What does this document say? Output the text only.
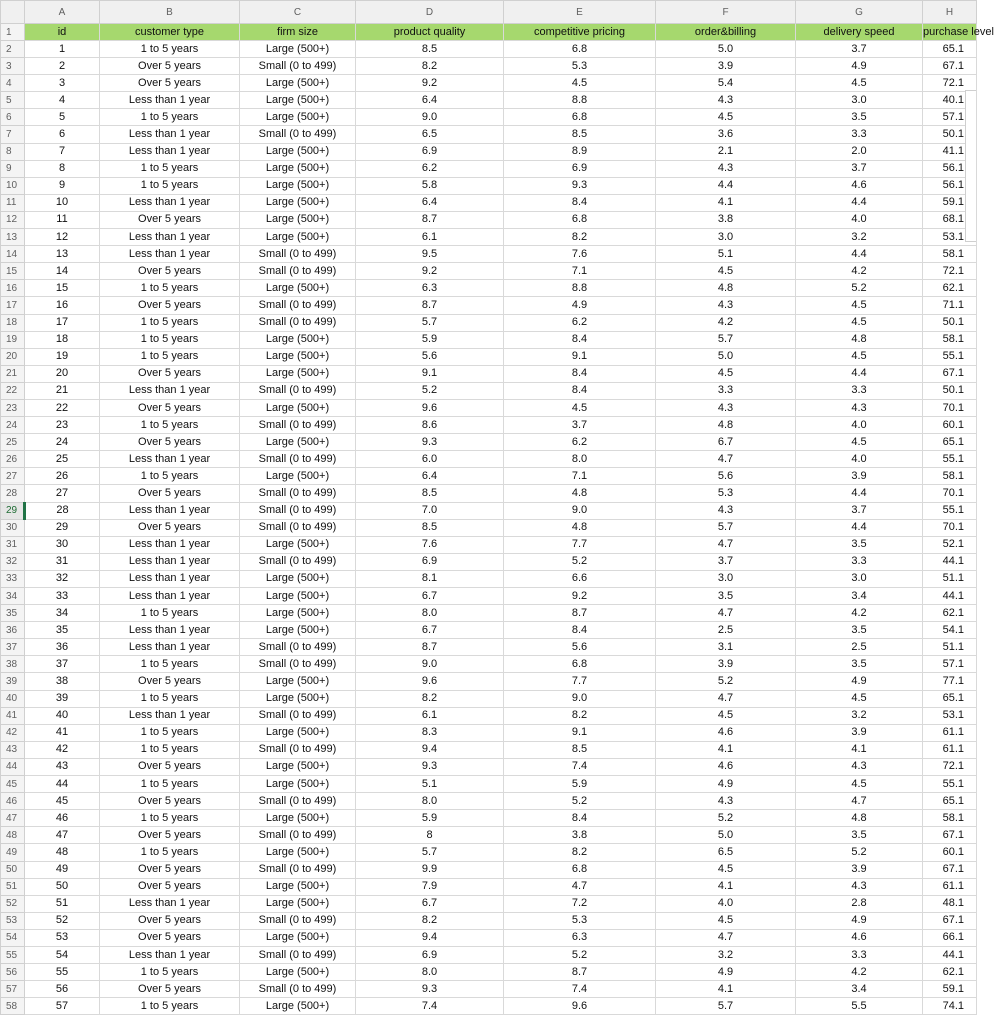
	A	B	C	D	E	F	G	H
1	id	customer type	firm size	product quality	competitive pricing	order&billing	delivery speed	purchase level
2	1	1 to 5 years	Large (500+)	8.5	6.8	5.0	3.7	65.1
3	2	Over 5 years	Small (0 to 499)	8.2	5.3	3.9	4.9	67.1
4	3	Over 5 years	Large (500+)	9.2	4.5	5.4	4.5	72.1
5	4	Less than 1 year	Large (500+)	6.4	8.8	4.3	3.0	40.1
6	5	1 to 5 years	Large (500+)	9.0	6.8	4.5	3.5	57.1
7	6	Less than 1 year	Small (0 to 499)	6.5	8.5	3.6	3.3	50.1
8	7	Less than 1 year	Large (500+)	6.9	8.9	2.1	2.0	41.1
9	8	1 to 5 years	Large (500+)	6.2	6.9	4.3	3.7	56.1
10	9	1 to 5 years	Large (500+)	5.8	9.3	4.4	4.6	56.1
11	10	Less than 1 year	Large (500+)	6.4	8.4	4.1	4.4	59.1
12	11	Over 5 years	Large (500+)	8.7	6.8	3.8	4.0	68.1
13	12	Less than 1 year	Large (500+)	6.1	8.2	3.0	3.2	53.1
14	13	Less than 1 year	Small (0 to 499)	9.5	7.6	5.1	4.4	58.1
15	14	Over 5 years	Small (0 to 499)	9.2	7.1	4.5	4.2	72.1
16	15	1 to 5 years	Large (500+)	6.3	8.8	4.8	5.2	62.1
17	16	Over 5 years	Small (0 to 499)	8.7	4.9	4.3	4.5	71.1
18	17	1 to 5 years	Small (0 to 499)	5.7	6.2	4.2	4.5	50.1
19	18	1 to 5 years	Large (500+)	5.9	8.4	5.7	4.8	58.1
20	19	1 to 5 years	Large (500+)	5.6	9.1	5.0	4.5	55.1
21	20	Over 5 years	Large (500+)	9.1	8.4	4.5	4.4	67.1
22	21	Less than 1 year	Small (0 to 499)	5.2	8.4	3.3	3.3	50.1
23	22	Over 5 years	Large (500+)	9.6	4.5	4.3	4.3	70.1
24	23	1 to 5 years	Small (0 to 499)	8.6	3.7	4.8	4.0	60.1
25	24	Over 5 years	Large (500+)	9.3	6.2	6.7	4.5	65.1
26	25	Less than 1 year	Small (0 to 499)	6.0	8.0	4.7	4.0	55.1
27	26	1 to 5 years	Large (500+)	6.4	7.1	5.6	3.9	58.1
28	27	Over 5 years	Small (0 to 499)	8.5	4.8	5.3	4.4	70.1
29	28	Less than 1 year	Small (0 to 499)	7.0	9.0	4.3	3.7	55.1
30	29	Over 5 years	Small (0 to 499)	8.5	4.8	5.7	4.4	70.1
31	30	Less than 1 year	Large (500+)	7.6	7.7	4.7	3.5	52.1
32	31	Less than 1 year	Small (0 to 499)	6.9	5.2	3.7	3.3	44.1
33	32	Less than 1 year	Large (500+)	8.1	6.6	3.0	3.0	51.1
34	33	Less than 1 year	Large (500+)	6.7	9.2	3.5	3.4	44.1
35	34	1 to 5 years	Large (500+)	8.0	8.7	4.7	4.2	62.1
36	35	Less than 1 year	Large (500+)	6.7	8.4	2.5	3.5	54.1
37	36	Less than 1 year	Small (0 to 499)	8.7	5.6	3.1	2.5	51.1
38	37	1 to 5 years	Small (0 to 499)	9.0	6.8	3.9	3.5	57.1
39	38	Over 5 years	Large (500+)	9.6	7.7	5.2	4.9	77.1
40	39	1 to 5 years	Large (500+)	8.2	9.0	4.7	4.5	65.1
41	40	Less than 1 year	Small (0 to 499)	6.1	8.2	4.5	3.2	53.1
42	41	1 to 5 years	Large (500+)	8.3	9.1	4.6	3.9	61.1
43	42	1 to 5 years	Small (0 to 499)	9.4	8.5	4.1	4.1	61.1
44	43	Over 5 years	Large (500+)	9.3	7.4	4.6	4.3	72.1
45	44	1 to 5 years	Large (500+)	5.1	5.9	4.9	4.5	55.1
46	45	Over 5 years	Small (0 to 499)	8.0	5.2	4.3	4.7	65.1
47	46	1 to 5 years	Large (500+)	5.9	8.4	5.2	4.8	58.1
48	47	Over 5 years	Small (0 to 499)	8	3.8	5.0	3.5	67.1
49	48	1 to 5 years	Large (500+)	5.7	8.2	6.5	5.2	60.1
50	49	Over 5 years	Small (0 to 499)	9.9	6.8	4.5	3.9	67.1
51	50	Over 5 years	Large (500+)	7.9	4.7	4.1	4.3	61.1
52	51	Less than 1 year	Large (500+)	6.7	7.2	4.0	2.8	48.1
53	52	Over 5 years	Small (0 to 499)	8.2	5.3	4.5	4.9	67.1
54	53	Over 5 years	Large (500+)	9.4	6.3	4.7	4.6	66.1
55	54	Less than 1 year	Small (0 to 499)	6.9	5.2	3.2	3.3	44.1
56	55	1 to 5 years	Large (500+)	8.0	8.7	4.9	4.2	62.1
57	56	Over 5 years	Small (0 to 499)	9.3	7.4	4.1	3.4	59.1
58	57	1 to 5 years	Large (500+)	7.4	9.6	5.7	5.5	74.1
